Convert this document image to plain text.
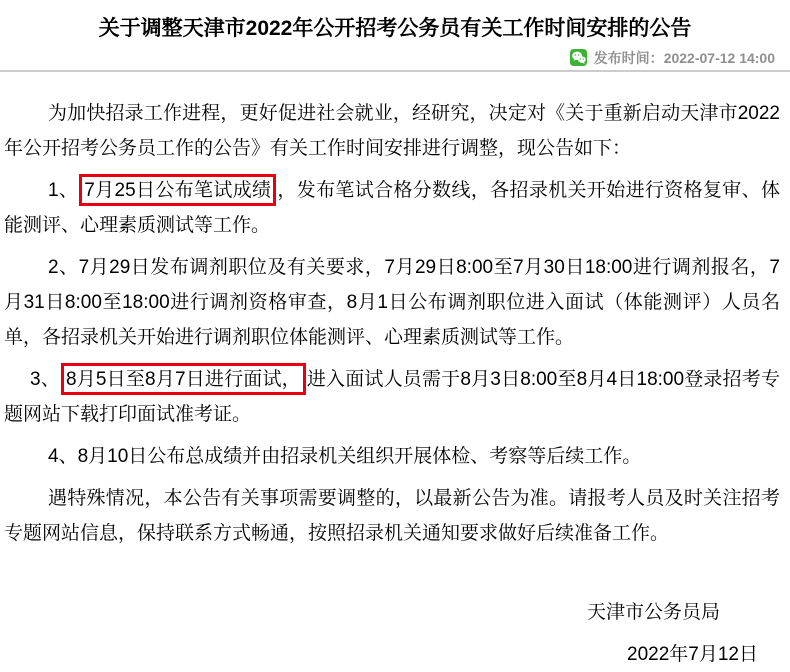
关于调整天津市2022年公开招考公务员有关工作时间安排的公告
发布时间：2022-07-12 14:00

为加快招录工作进程，更好促进社会就业，经研究，决定对《关于重新启动天津市2022年公开招考公务员工作的公告》有关工作时间安排进行调整，现公告如下：

1、 7月25日公布笔试成绩 ，发布笔试合格分数线，各招录机关开始进行资格复审、体能测评、心理素质测试等工作。

2、7月29日发布调剂职位及有关要求，7月29日8:00至7月30日18:00进行调剂报名，7月31日8:00至18:00进行调剂资格审查，8月1日公布调剂职位进入面试（体能测评）人员名单，各招录机关开始进行调剂职位体能测评、心理素质测试等工作。

3、 8月5日至8月7日进行面试， 进入面试人员需于8月3日8:00至8月4日18:00登录招考专题网站下载打印面试准考证。

4、8月10日公布总成绩并由招录机关组织开展体检、考察等后续工作。

遇特殊情况，本公告有关事项需要调整的，以最新公告为准。请报考人员及时关注招考专题网站信息，保持联系方式畅通，按照招录机关通知要求做好后续准备工作。

天津市公务员局

2022年7月12日
